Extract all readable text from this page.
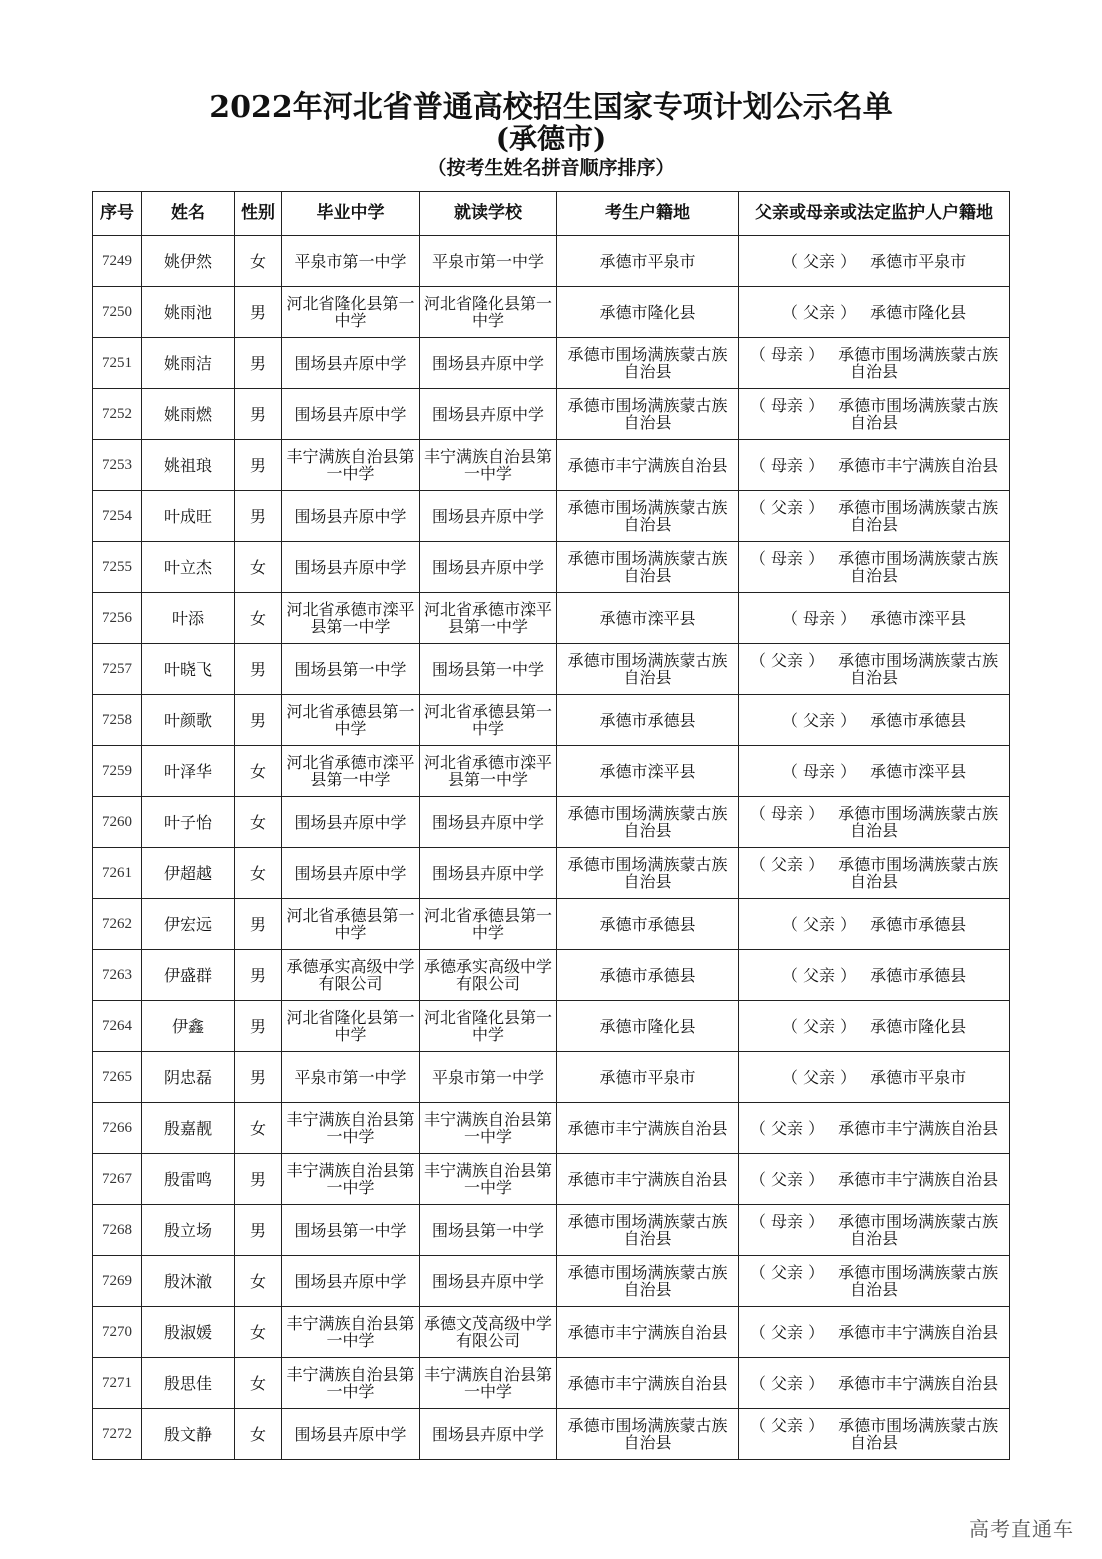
2022年河北省普通高校招生国家专项计划公示名单
(承德市)
（按考生姓名拼音顺序排序）
序号	姓名	性别	毕业中学	就读学校	考生户籍地	父亲或母亲或法定监护人户籍地
7249	姚伊然	女	平泉市第一中学	平泉市第一中学	承德市平泉市	（ 父亲 ） 承德市平泉市
7250	姚雨池	男	河北省隆化县第一中学	河北省隆化县第一中学	承德市隆化县	（ 父亲 ） 承德市隆化县
7251	姚雨洁	男	围场县卉原中学	围场县卉原中学	承德市围场满族蒙古族自治县	（ 母亲 ） 承德市围场满族蒙古族自治县
7252	姚雨燃	男	围场县卉原中学	围场县卉原中学	承德市围场满族蒙古族自治县	（ 母亲 ） 承德市围场满族蒙古族自治县
7253	姚祖琅	男	丰宁满族自治县第一中学	丰宁满族自治县第一中学	承德市丰宁满族自治县	（ 母亲 ） 承德市丰宁满族自治县
7254	叶成旺	男	围场县卉原中学	围场县卉原中学	承德市围场满族蒙古族自治县	（ 父亲 ） 承德市围场满族蒙古族自治县
7255	叶立杰	女	围场县卉原中学	围场县卉原中学	承德市围场满族蒙古族自治县	（ 母亲 ） 承德市围场满族蒙古族自治县
7256	叶添	女	河北省承德市滦平县第一中学	河北省承德市滦平县第一中学	承德市滦平县	（ 母亲 ） 承德市滦平县
7257	叶晓飞	男	围场县第一中学	围场县第一中学	承德市围场满族蒙古族自治县	（ 父亲 ） 承德市围场满族蒙古族自治县
7258	叶颜歌	男	河北省承德县第一中学	河北省承德县第一中学	承德市承德县	（ 父亲 ） 承德市承德县
7259	叶泽华	女	河北省承德市滦平县第一中学	河北省承德市滦平县第一中学	承德市滦平县	（ 母亲 ） 承德市滦平县
7260	叶子怡	女	围场县卉原中学	围场县卉原中学	承德市围场满族蒙古族自治县	（ 母亲 ） 承德市围场满族蒙古族自治县
7261	伊超越	女	围场县卉原中学	围场县卉原中学	承德市围场满族蒙古族自治县	（ 父亲 ） 承德市围场满族蒙古族自治县
7262	伊宏远	男	河北省承德县第一中学	河北省承德县第一中学	承德市承德县	（ 父亲 ） 承德市承德县
7263	伊盛群	男	承德承实高级中学有限公司	承德承实高级中学有限公司	承德市承德县	（ 父亲 ） 承德市承德县
7264	伊鑫	男	河北省隆化县第一中学	河北省隆化县第一中学	承德市隆化县	（ 父亲 ） 承德市隆化县
7265	阴忠磊	男	平泉市第一中学	平泉市第一中学	承德市平泉市	（ 父亲 ） 承德市平泉市
7266	殷嘉靓	女	丰宁满族自治县第一中学	丰宁满族自治县第一中学	承德市丰宁满族自治县	（ 父亲 ） 承德市丰宁满族自治县
7267	殷雷鸣	男	丰宁满族自治县第一中学	丰宁满族自治县第一中学	承德市丰宁满族自治县	（ 父亲 ） 承德市丰宁满族自治县
7268	殷立场	男	围场县第一中学	围场县第一中学	承德市围场满族蒙古族自治县	（ 母亲 ） 承德市围场满族蒙古族自治县
7269	殷沐澈	女	围场县卉原中学	围场县卉原中学	承德市围场满族蒙古族自治县	（ 父亲 ） 承德市围场满族蒙古族自治县
7270	殷淑媛	女	丰宁满族自治县第一中学	承德文茂高级中学有限公司	承德市丰宁满族自治县	（ 父亲 ） 承德市丰宁满族自治县
7271	殷思佳	女	丰宁满族自治县第一中学	丰宁满族自治县第一中学	承德市丰宁满族自治县	（ 父亲 ） 承德市丰宁满族自治县
7272	殷文静	女	围场县卉原中学	围场县卉原中学	承德市围场满族蒙古族自治县	（ 父亲 ） 承德市围场满族蒙古族自治县
高考直通车
